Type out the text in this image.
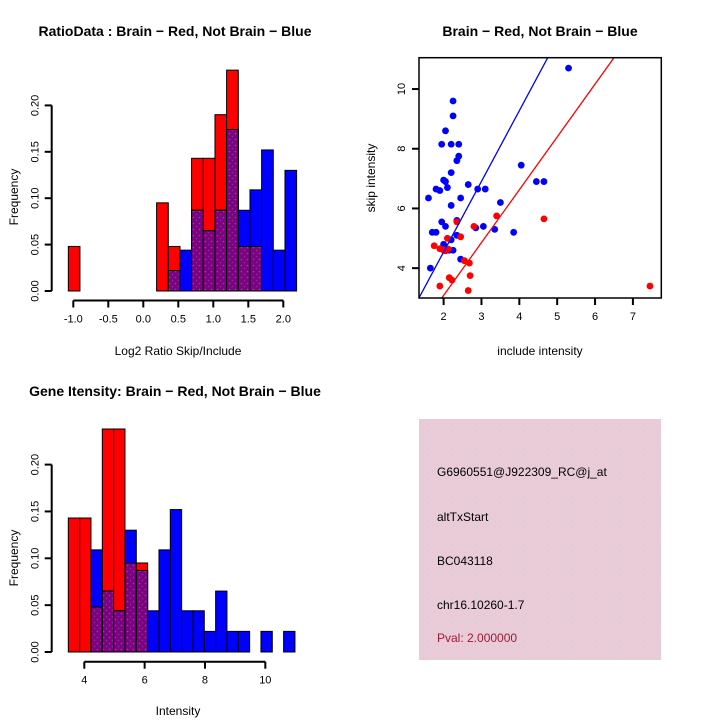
0.00
0.05
0.10
0.15
0.20
-1.0 -0.5 0.0 0.5 1.0 1.5 2.0
0.00
0.05
0.10
0.15
0.20
4	6	8	10
2	3	4	5	6	7
4
6
8
10
RatioData : Brain − Red, Not Brain − Blue	Brain − Red, Not Brain − Blue
Gene Itensity: Brain − Red, Not Brain − Blue
Log2 Ratio Skip/Include	include intensity
Intensity
Frequency	skip intensity
Frequency
G6960551@J922309_RC@j_at
altTxStart
BC043118
chr16.10260-1.7
Pval: 2.000000
